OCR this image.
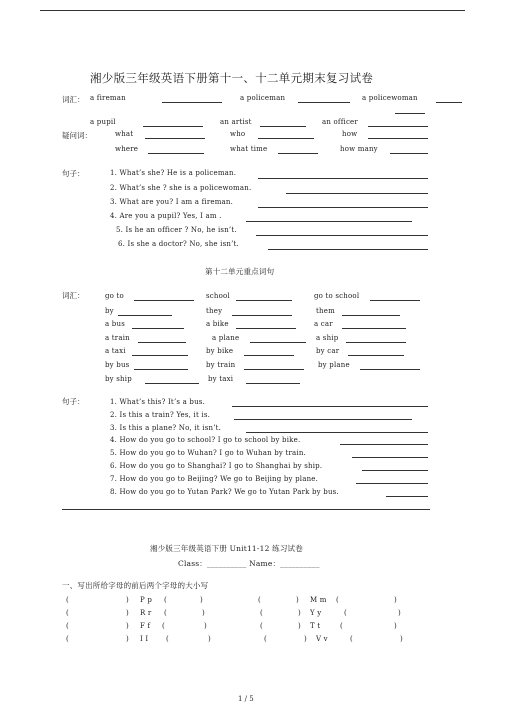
湘少版三年级英语下册第十一、十二单元期末复习试卷
词汇： a fireman	a policeman	a policewoman
a pupil	an artist	an officer
疑问词：	what	who	how
where	what time	how many
句子：	1. What’s she? He is a policeman.
2. What’s she ? she is a policewoman.
3. What are you? I am a fireman.
4. Are you a pupil? Yes, I am .
5. Is he an officer ? No, he isn’t.
6. Is she a doctor? No, she isn’t.
第十二单元重点词句
词汇：	go to	school	go to school
by	they	them
a bus	a bike	a car
a train	a plane	a ship
a taxi	by bike	by car
by bus	by train	by plane
by ship	by taxi
句子：	1. What’s this? It’s a bus.
2. Is this a train? Yes, it is.
3. Is this a plane? No, it isn’t.
4. How do you go to school? I go to school by bike.
5. How do you go to Wuhan? I go to Wuhan by train.
6. How do you go to Shanghai? I go to Shanghai by ship.
7. How do you go to Beijing? We go to Beijing by plane.
8. How do you go to Yutan Park? We go to Yutan Park by bus.
湘少版三年级英语下册 Unit11-12 练习试卷
Class：__________ Name：__________
一、写出所给字母的前后两个字母的大小写
(	) P p (	)	(	) M m (	)
(	) R r (	)	(	) Y y	(	)
(	) F f (	)	(	) T t	(	)
(	) I I	(	)	(	) V v	(	)
1 / 5
